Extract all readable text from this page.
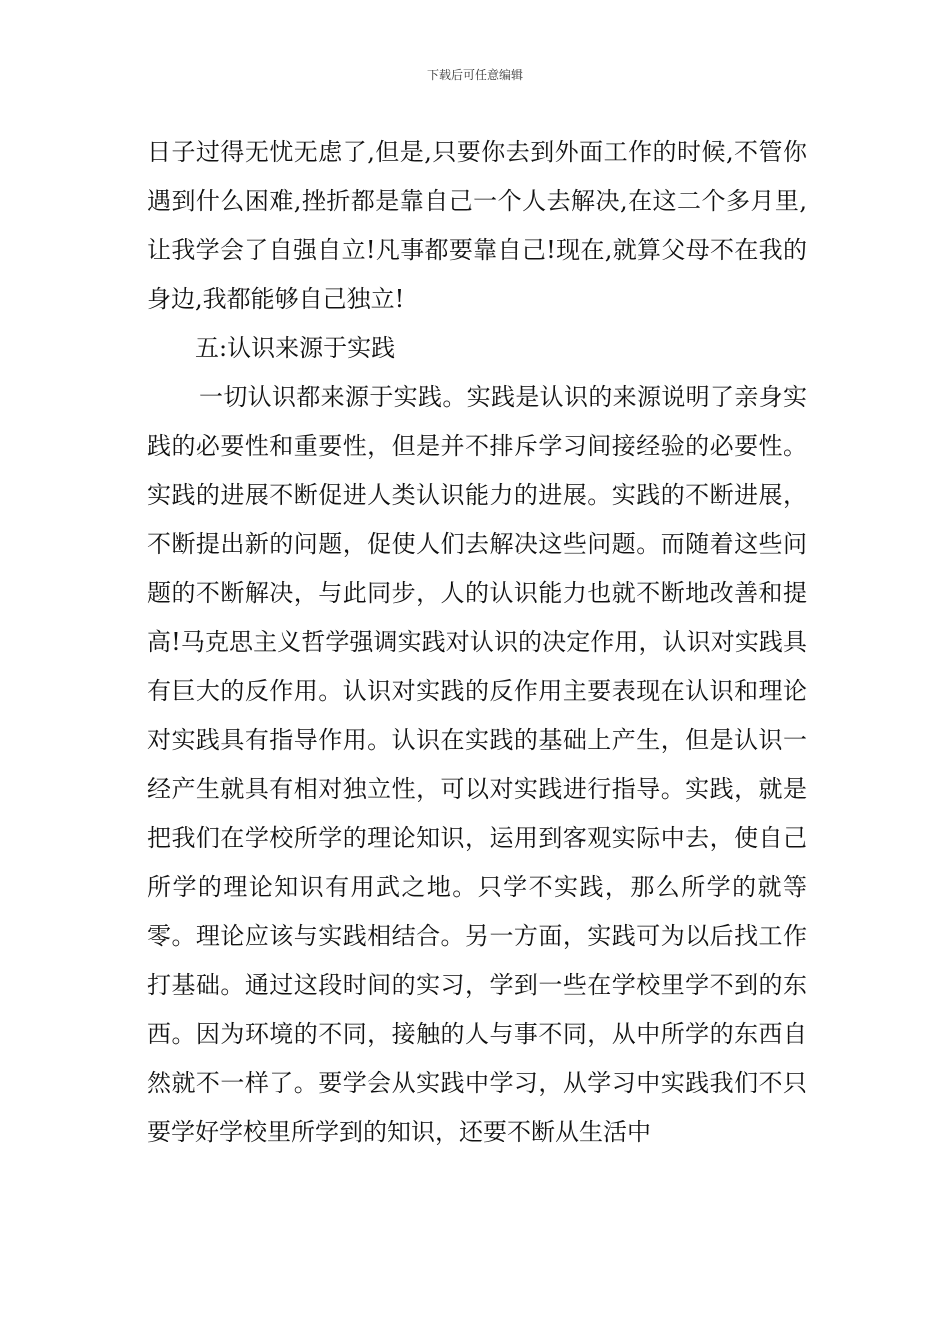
下载后可任意编辑

日子过得无忧无虑了,但是,只要你去到外面工作的时候,不管你遇到什么困难,挫折都是靠自己一个人去解决,在这二个多月里,让我学会了自强自立!凡事都要靠自己!现在,就算父母不在我的身边,我都能够自己独立!

五:认识来源于实践

一切认识都来源于实践。实践是认识的来源说明了亲身实践的必要性和重要性，但是并不排斥学习间接经验的必要性。实践的进展不断促进人类认识能力的进展。实践的不断进展，不断提出新的问题，促使人们去解决这些问题。而随着这些问题的不断解决，与此同步，人的认识能力也就不断地改善和提高!马克思主义哲学强调实践对认识的决定作用，认识对实践具有巨大的反作用。认识对实践的反作用主要表现在认识和理论对实践具有指导作用。认识在实践的基础上产生，但是认识一经产生就具有相对独立性，可以对实践进行指导。实践，就是把我们在学校所学的理论知识，运用到客观实际中去，使自己所学的理论知识有用武之地。只学不实践，那么所学的就等零。理论应该与实践相结合。另一方面，实践可为以后找工作打基础。通过这段时间的实习，学到一些在学校里学不到的东西。因为环境的不同，接触的人与事不同，从中所学的东西自然就不一样了。要学会从实践中学习，从学习中实践我们不只要学好学校里所学到的知识，还要不断从生活中
